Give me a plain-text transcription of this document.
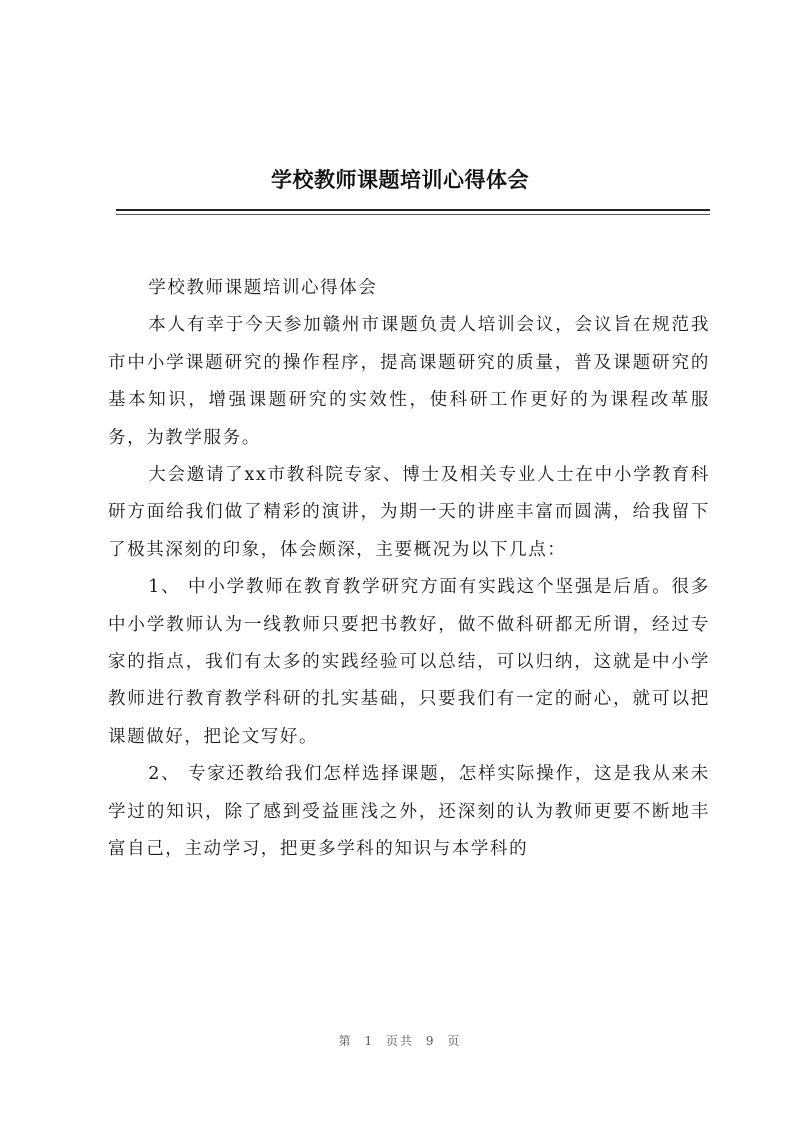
学校教师课题培训心得体会

学校教师课题培训心得体会

本人有幸于今天参加赣州市课题负责人培训会议，会议旨在规范我市中小学课题研究的操作程序，提高课题研究的质量，普及课题研究的基本知识，增强课题研究的实效性，使科研工作更好的为课程改革服务，为教学服务。

大会邀请了xx市教科院专家、博士及相关专业人士在中小学教育科研方面给我们做了精彩的演讲，为期一天的讲座丰富而圆满，给我留下了极其深刻的印象，体会颇深，主要概况为以下几点：

1、 中小学教师在教育教学研究方面有实践这个坚强是后盾。很多中小学教师认为一线教师只要把书教好，做不做科研都无所谓，经过专家的指点，我们有太多的实践经验可以总结，可以归纳，这就是中小学教师进行教育教学科研的扎实基础，只要我们有一定的耐心，就可以把课题做好，把论文写好。

2、 专家还教给我们怎样选择课题，怎样实际操作，这是我从来未学过的知识，除了感到受益匪浅之外，还深刻的认为教师更要不断地丰富自己，主动学习，把更多学科的知识与本学科的

第 1 页共 9 页
